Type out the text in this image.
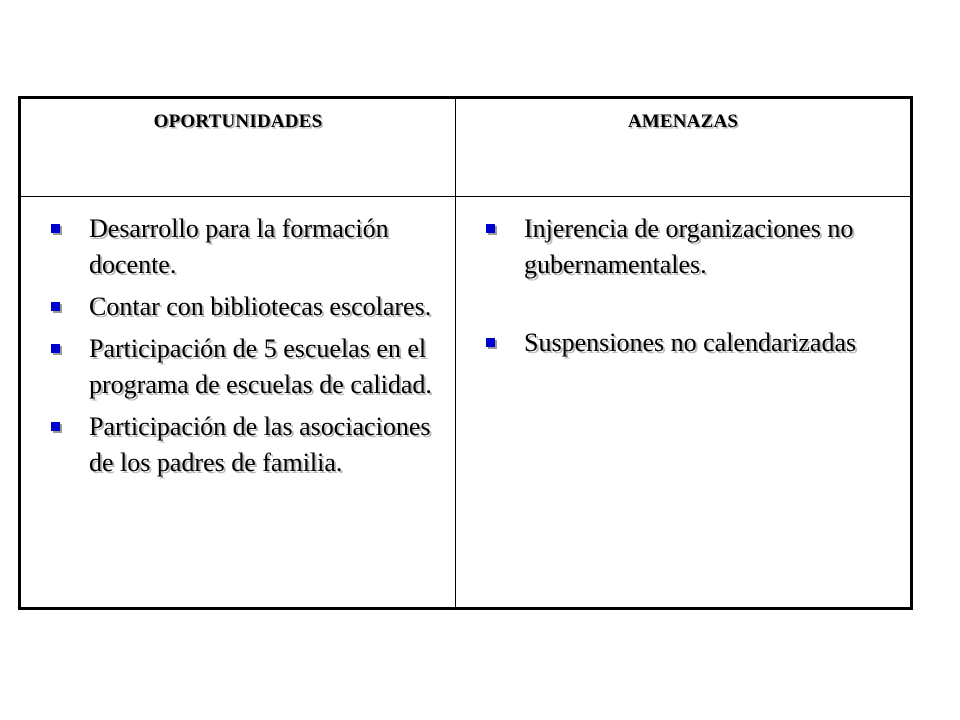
OPORTUNIDADES	AMENAZAS
Desarrollo para la formación docente.
Contar con bibliotecas escolares.
Participación de 5 escuelas en el programa de escuelas de calidad.
Participación de las asociaciones de los padres de familia.
Injerencia de organizaciones no gubernamentales.
Suspensiones no calendarizadas
